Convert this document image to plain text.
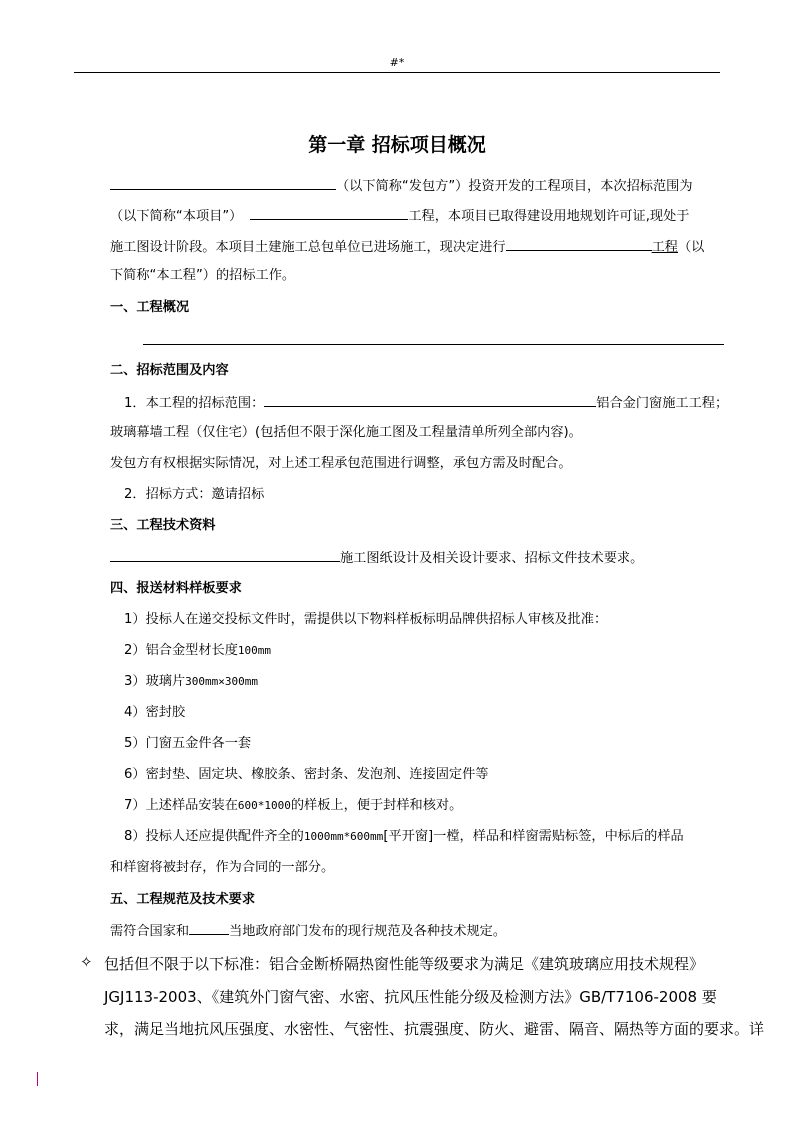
#*
第一章 招标项目概况
（以下简称“发包方”）投资开发的工程项目，本次招标范围为
（以下简称“本项目”）	工程，本项目已取得建设用地规划许可证,现处于
施工图设计阶段。本项目土建施工总包单位已进场施工，现决定进行	工程（以
下简称“本工程”）的招标工作。
一、工程概况
二、招标范围及内容
1．本工程的招标范围：	铝合金门窗施工工程；
玻璃幕墙工程（仅住宅）(包括但不限于深化施工图及工程量清单所列全部内容)。
发包方有权根据实际情况，对上述工程承包范围进行调整，承包方需及时配合。
2．招标方式：邀请招标
三、工程技术资料
施工图纸设计及相关设计要求、招标文件技术要求。
四、报送材料样板要求
1）投标人在递交投标文件时，需提供以下物料样板标明品牌供招标人审核及批准：
2）铝合金型材长度100mm
3）玻璃片300mm×300mm
4）密封胶
5）门窗五金件各一套
6）密封垫、固定块、橡胶条、密封条、发泡剂、连接固定件等
7）上述样品安装在600*1000的样板上，便于封样和核对。
8）投标人还应提供配件齐全的1000mm*600mm[平开窗]一樘，样品和样窗需贴标签，中标后的样品
和样窗将被封存，作为合同的一部分。
五、工程规范及技术要求
需符合国家和	当地政府部门发布的现行规范及各种技术规定。
✧ 包括但不限于以下标准：铝合金断桥隔热窗性能等级要求为满足《建筑玻璃应用技术规程》
JGJ113-2003、《建筑外门窗气密、水密、抗风压性能分级及检测方法》GB/T7106-2008 要
求，满足当地抗风压强度、水密性、气密性、抗震强度、防火、避雷、隔音、隔热等方面的要求。详
